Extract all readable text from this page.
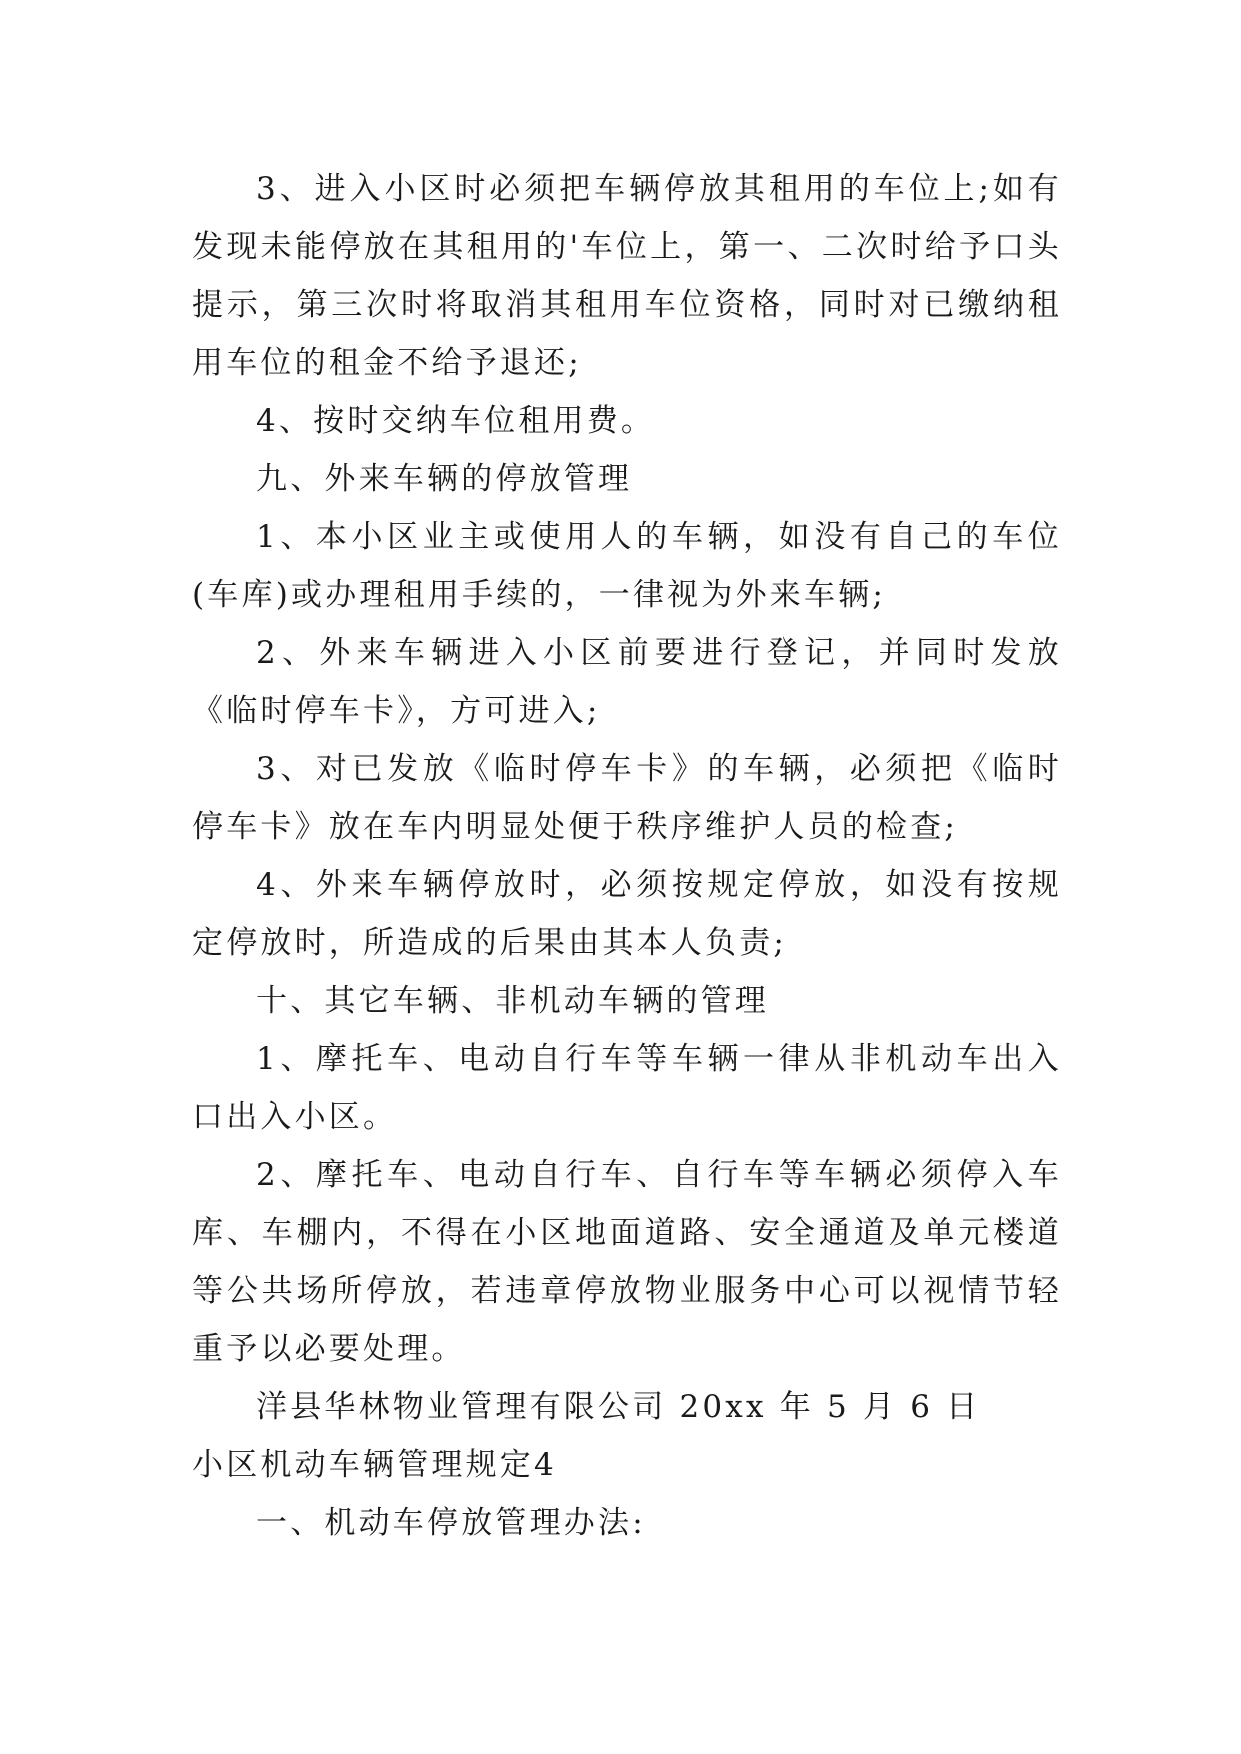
3、进入小区时必须把车辆停放其租用的车位上;如有发现未能停放在其租用的'车位上，第一、二次时给予口头提示，第三次时将取消其租用车位资格，同时对已缴纳租用车位的租金不给予退还;

4、按时交纳车位租用费。

九、外来车辆的停放管理

1、本小区业主或使用人的车辆，如没有自己的车位(车库)或办理租用手续的，一律视为外来车辆;

2、外来车辆进入小区前要进行登记，并同时发放《临时停车卡》，方可进入;

3、对已发放《临时停车卡》的车辆，必须把《临时停车卡》放在车内明显处便于秩序维护人员的检查;

4、外来车辆停放时，必须按规定停放，如没有按规定停放时，所造成的后果由其本人负责;

十、其它车辆、非机动车辆的管理

1、摩托车、电动自行车等车辆一律从非机动车出入口出入小区。

2、摩托车、电动自行车、自行车等车辆必须停入车库、车棚内，不得在小区地面道路、安全通道及单元楼道等公共场所停放，若违章停放物业服务中心可以视情节轻重予以必要处理。

洋县华林物业管理有限公司 20xx 年 5 月 6 日

小区机动车辆管理规定4

一、机动车停放管理办法:
